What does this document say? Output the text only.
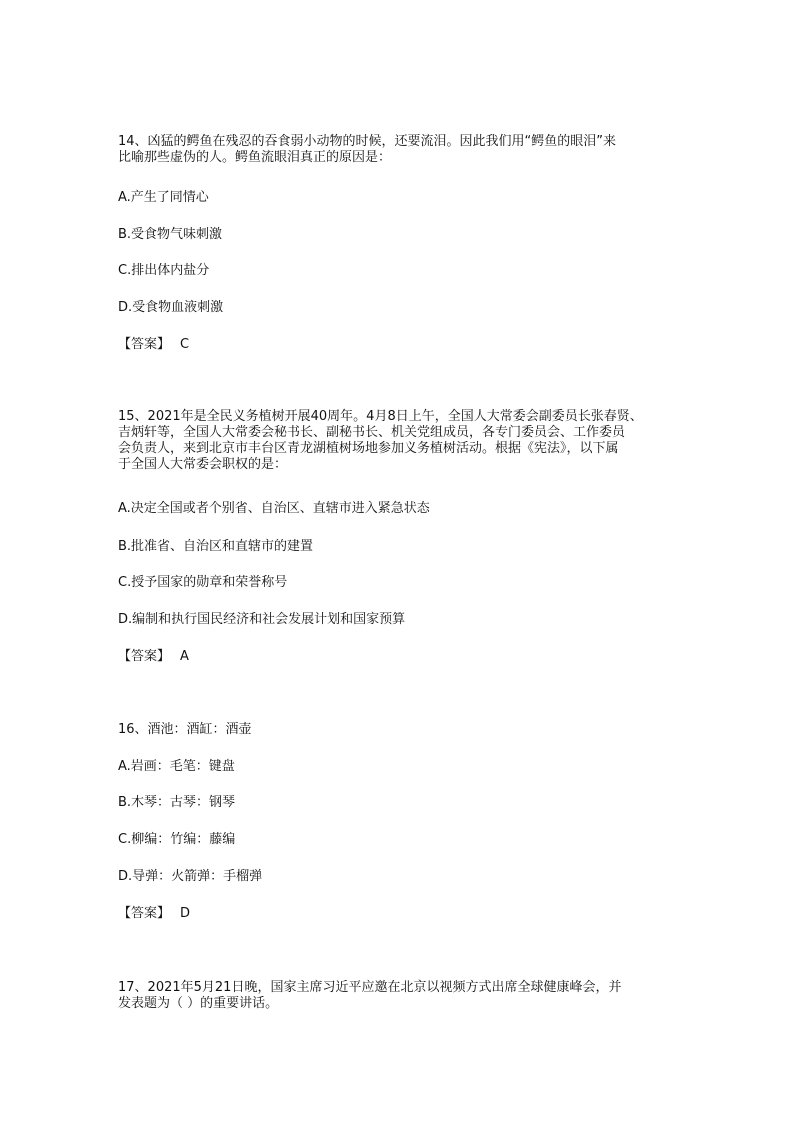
14、凶猛的鳄鱼在残忍的吞食弱小动物的时候，还要流泪。因此我们用“鳄鱼的眼泪”来
比喻那些虚伪的人。鳄鱼流眼泪真正的原因是：

A.产生了同情心

B.受食物气味刺激

C.排出体内盐分

D.受食物血液刺激

【答案】 C

15、2021年是全民义务植树开展40周年。4月8日上午，全国人大常委会副委员长张春贤、
吉炳轩等，全国人大常委会秘书长、副秘书长、机关党组成员，各专门委员会、工作委员
会负责人，来到北京市丰台区青龙湖植树场地参加义务植树活动。根据《宪法》，以下属
于全国人大常委会职权的是：

A.决定全国或者个别省、自治区、直辖市进入紧急状态

B.批准省、自治区和直辖市的建置

C.授予国家的勋章和荣誉称号

D.编制和执行国民经济和社会发展计划和国家预算

【答案】 A

16、酒池：酒缸：酒壶

A.岩画：毛笔：键盘

B.木琴：古琴：钢琴

C.柳编：竹编：藤编

D.导弹：火箭弹：手榴弹

【答案】 D

17、2021年5月21日晚，国家主席习近平应邀在北京以视频方式出席全球健康峰会，并
发表题为（ ）的重要讲话。
